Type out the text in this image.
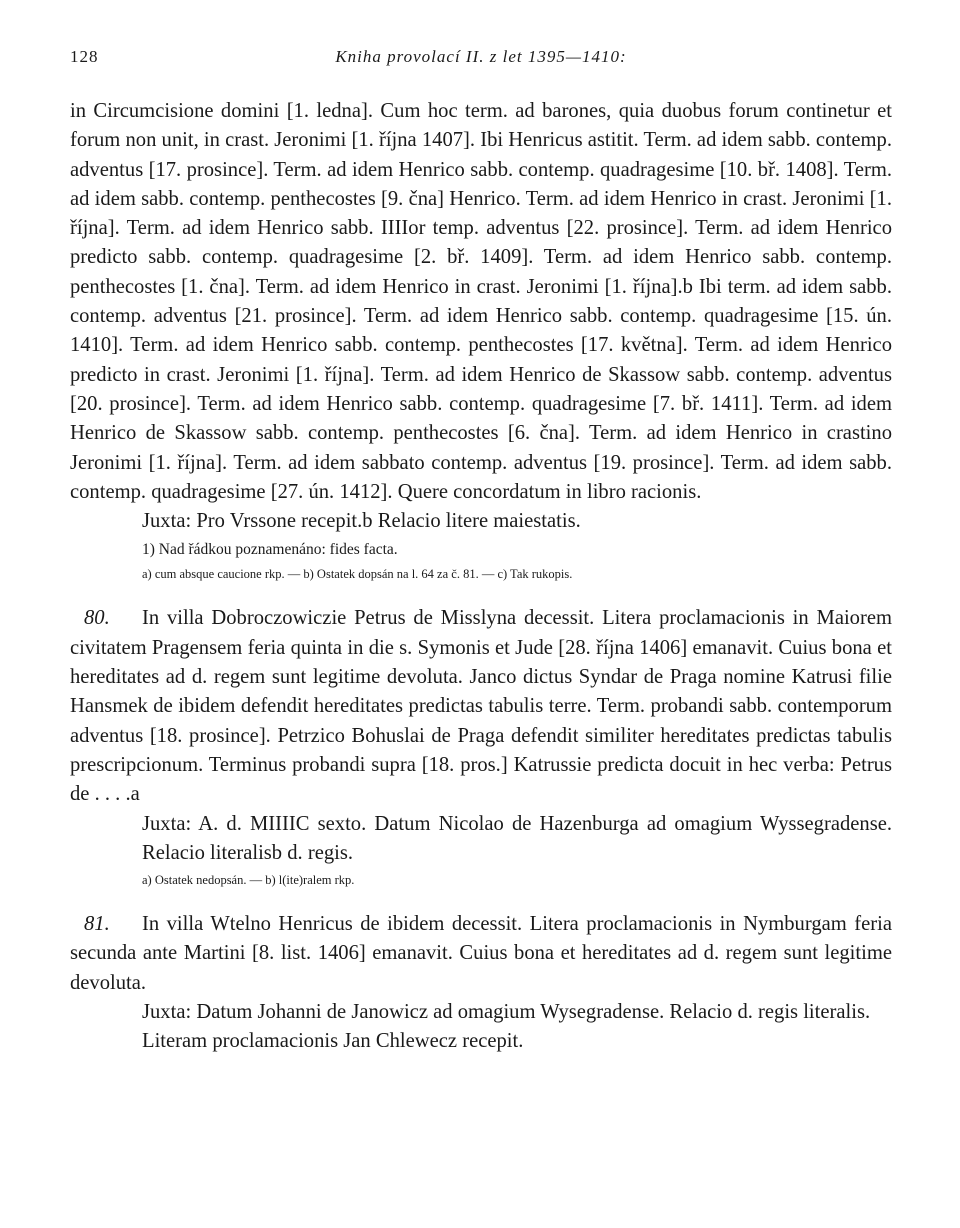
128	Kniha provolací II. z let 1395—1410:

in Circumcisione domini [1. ledna]. Cum hoc term. ad barones, quia duobus forum continetur et forum non unit, in crast. Jeronimi [1. října 1407]. Ibi Henricus astitit. Term. ad idem sabb. contemp. adventus [17. prosince]. Term. ad idem Henrico sabb. contemp. quadragesime [10. bř. 1408]. Term. ad idem sabb. contemp. penthecostes [9. čna] Henrico. Term. ad idem Henrico in crast. Jeronimi [1. října]. Term. ad idem Henrico sabb. IIIIor temp. adventus [22. prosince]. Term. ad idem Henrico predicto sabb. contemp. quadragesime [2. bř. 1409]. Term. ad idem Henrico sabb. contemp. penthecostes [1. čna]. Term. ad idem Henrico in crast. Jeronimi [1. října].b Ibi term. ad idem sabb. contemp. adventus [21. prosince]. Term. ad idem Henrico sabb. contemp. quadragesime [15. ún. 1410]. Term. ad idem Henrico sabb. contemp. penthecostes [17. května]. Term. ad idem Henrico predicto in crast. Jeronimi [1. října]. Term. ad idem Henrico de Skassow sabb. contemp. adventus [20. prosince]. Term. ad idem Henrico sabb. contemp. quadragesime [7. bř. 1411]. Term. ad idem Henrico de Skassow sabb. contemp. penthecostes [6. čna]. Term. ad idem Henrico in crastino Jeronimi [1. října]. Term. ad idem sabbato contemp. adventus [19. prosince]. Term. ad idem sabb. contemp. quadragesime [27. ún. 1412]. Quere concordatum in libro racionis.

Juxta: Pro Vrssone recepit.b Relacio litere maiestatis.

1) Nad řádkou poznamenáno: fides facta.

a) cum absque caucione rkp. — b) Ostatek dopsán na l. 64 za č. 81. — c) Tak rukopis.

80. In villa Dobroczowiczie Petrus de Misslyna decessit. Litera proclamacionis in Maiorem civitatem Pragensem feria quinta in die s. Symonis et Jude [28. října 1406] emanavit. Cuius bona et hereditates ad d. regem sunt legitime devoluta. Janco dictus Syndar de Praga nomine Katrusi filie Hansmek de ibidem defendit hereditates predictas tabulis terre. Term. probandi sabb. contemporum adventus [18. prosince]. Petrzico Bohuslai de Praga defendit similiter hereditates predictas tabulis prescripcionum. Terminus probandi supra [18. pros.] Katrussie predicta docuit in hec verba: Petrus de . . . .a

Juxta: A. d. MIIIIC sexto. Datum Nicolao de Hazenburga ad omagium Wyssegradense. Relacio literalisb d. regis.

a) Ostatek nedopsán. — b) l(ite)ralem rkp.

81. In villa Wtelno Henricus de ibidem decessit. Litera proclamacionis in Nymburgam feria secunda ante Martini [8. list. 1406] emanavit. Cuius bona et hereditates ad d. regem sunt legitime devoluta.

Juxta: Datum Johanni de Janowicz ad omagium Wysegradense. Relacio d. regis literalis.

Literam proclamacionis Jan Chlewecz recepit.
